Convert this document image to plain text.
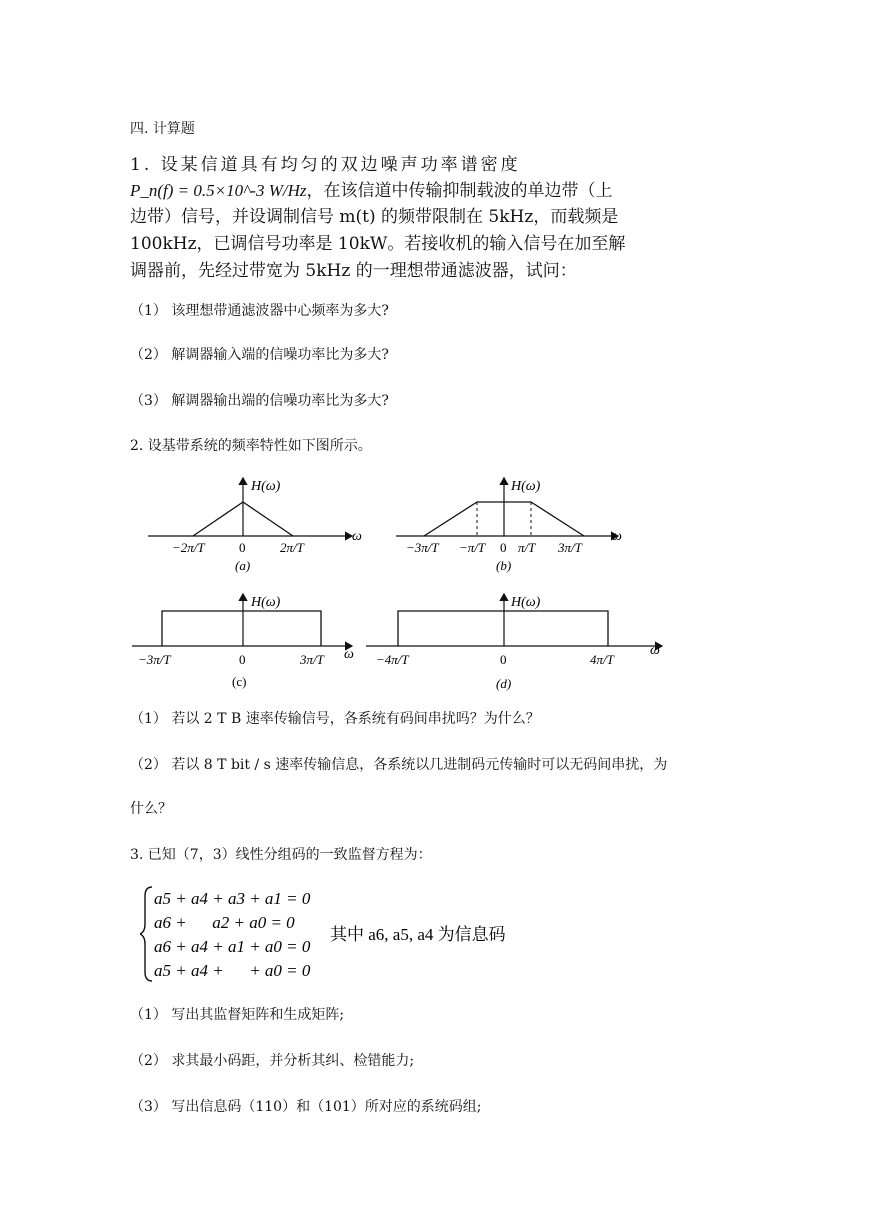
四. 计算题
1. 设某信道具有均匀的双边噪声功率谱密度
P_n(f) = 0.5×10^-3 W/Hz，在该信道中传输抑制载波的单边带（上
边带）信号，并设调制信号 m(t) 的频带限制在 5kHz，而载频是
100kHz，已调信号功率是 10kW。若接收机的输入信号在加至解
调器前，先经过带宽为 5kHz 的一理想带通滤波器，试问：
（1） 该理想带通滤波器中心频率为多大?
（2） 解调器输入端的信噪功率比为多大?
（3） 解调器输出端的信噪功率比为多大?
2. 设基带系统的频率特性如下图所示。
H(ω)
ω
−2π/T	0	2π/T
(a)
H(ω)
ω
−3π/T −π/T 0 π/T 3π/T
(b)
H(ω)
ω
−3π/T	0	3π/T
(c)
H(ω)
ω
−4π/T	0	4π/T
(d)
（1） 若以 2 T B 速率传输信号，各系统有码间串扰吗？为什么？
（2） 若以 8 T bit / s 速率传输信息，各系统以几进制码元传输时可以无码间串扰，为
什么？
3. 已知（7，3）线性分组码的一致监督方程为：
a5 + a4 + a3 + a1 = 0
a6 +      a2 + a0 = 0
a6 + a4 + a1 + a0 = 0
a5 + a4 +      + a0 = 0
其中 a6, a5, a4 为信息码
（1） 写出其监督矩阵和生成矩阵;
（2） 求其最小码距，并分析其纠、检错能力;
（3） 写出信息码（110）和（101）所对应的系统码组;
